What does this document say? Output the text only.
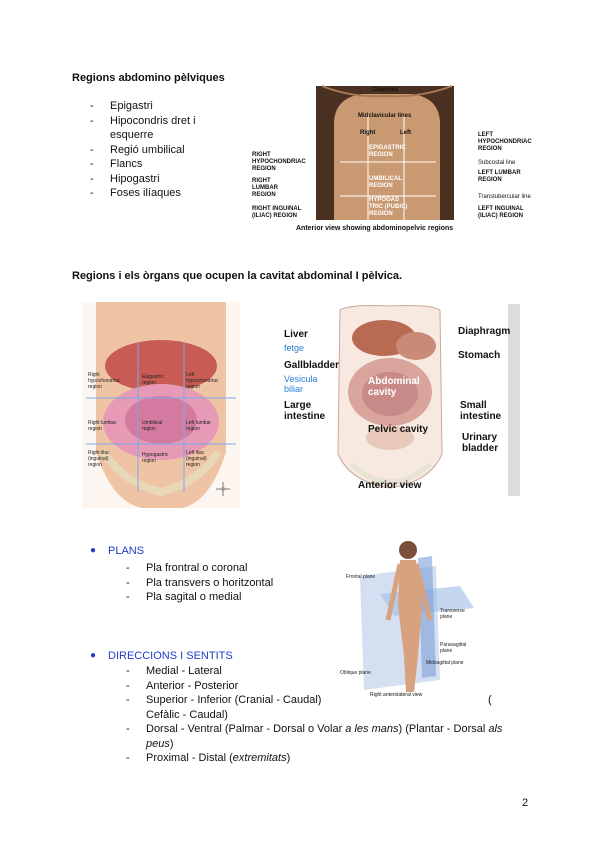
Regions abdomino pèlviques
- Epigastri
- Hipocondris dret i esquerre
- Regió umbilical
- Flancs
- Hipogastri
- Foses ilíaques
Clavicles
Midclavicular lines
Right	Left
EPIGASTRIC
REGION
UMBILICAL
REGION
HYPOGAS
TRIC (PUBIC)
REGION
RIGHT
HYPOCHONDRIAC
REGION
RIGHT
LUMBAR
REGION
RIGHT INGUINAL
(ILIAC) REGION
LEFT
HYPOCHONDRIAC
REGION
Subcostal line
LEFT LUMBAR
REGION
Transtubercular line
LEFT INGUINAL
(ILIAC) REGION
Anterior view showing abdominopelvic regions
Regions i els òrgans que ocupen la cavitat abdominal I pèlvica.
Right
hypochondriac
region
Epigastric
region
Left
hypochondriac
region
Right lumbar
region
Umbilical
region
Left lumbar
region
Right iliac
(inguinal)
region
Hypogastric
region
Left iliac
(inguinal)
region
Liver
fetge
Gallbladder
Vesicula
biliar
Large
intestine
Diaphragm
Stomach
Abdominal
cavity
Small
intestine
Pelvic cavity
Urinary
bladder
Anterior view
● PLANS
- Pla frontral o coronal
- Pla transvers o horitzontal
- Pla sagital o medial
Frontal plane
Transverse
plane
Parasagittal
plane
Midsagittal plane
Oblique plane
Right anterolateral view
● DIRECCIONS I SENTITS
- Medial - Lateral
- Anterior - Posterior
- Superior - Inferior (Cranial - Caudal)	(

Cefàlic - Caudal)
- Dorsal - Ventral (Palmar - Dorsal o Volar a les mans) (Plantar - Dorsal als
peus)
- Proximal - Distal (extremitats)
2
